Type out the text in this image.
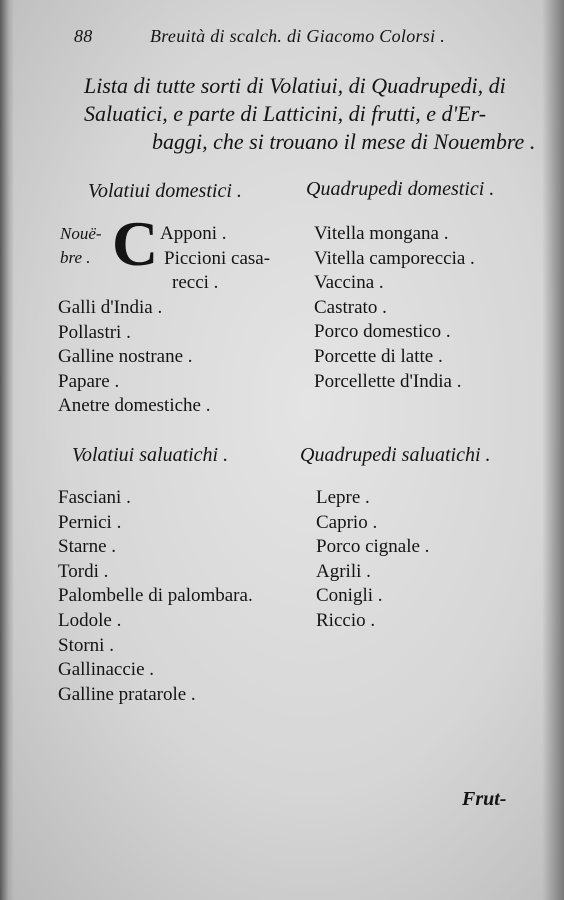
88	Breuità di scalch. di Giacomo Colorsi .
Lista di tutte sorti di Volatiui, di Quadrupedi, di
Saluatici, e parte di Latticini, di frutti, e d'Er-
baggi, che si trouano il mese di Nouembre .
Volatiui domestici .
Nouë-
bre . C Apponi .
Piccioni casa-
recci .
Galli d'India .
Pollastri .
Galline nostrane .
Papare .
Anetre domestiche .
Quadrupedi domestici .
Vitella mongana .
Vitella camporeccia .
Vaccina .
Castrato .
Porco domestico .
Porcette di latte .
Porcellette d'India .
Volatiui saluatichi .
Fasciani .
Pernici .
Starne .
Tordi .
Palombelle di palombara.
Lodole .
Storni .
Gallinaccie .
Galline pratarole .
Quadrupedi saluatichi .
Lepre .
Caprio .
Porco cignale .
Agrili .
Conigli .
Riccio .
Frut-
